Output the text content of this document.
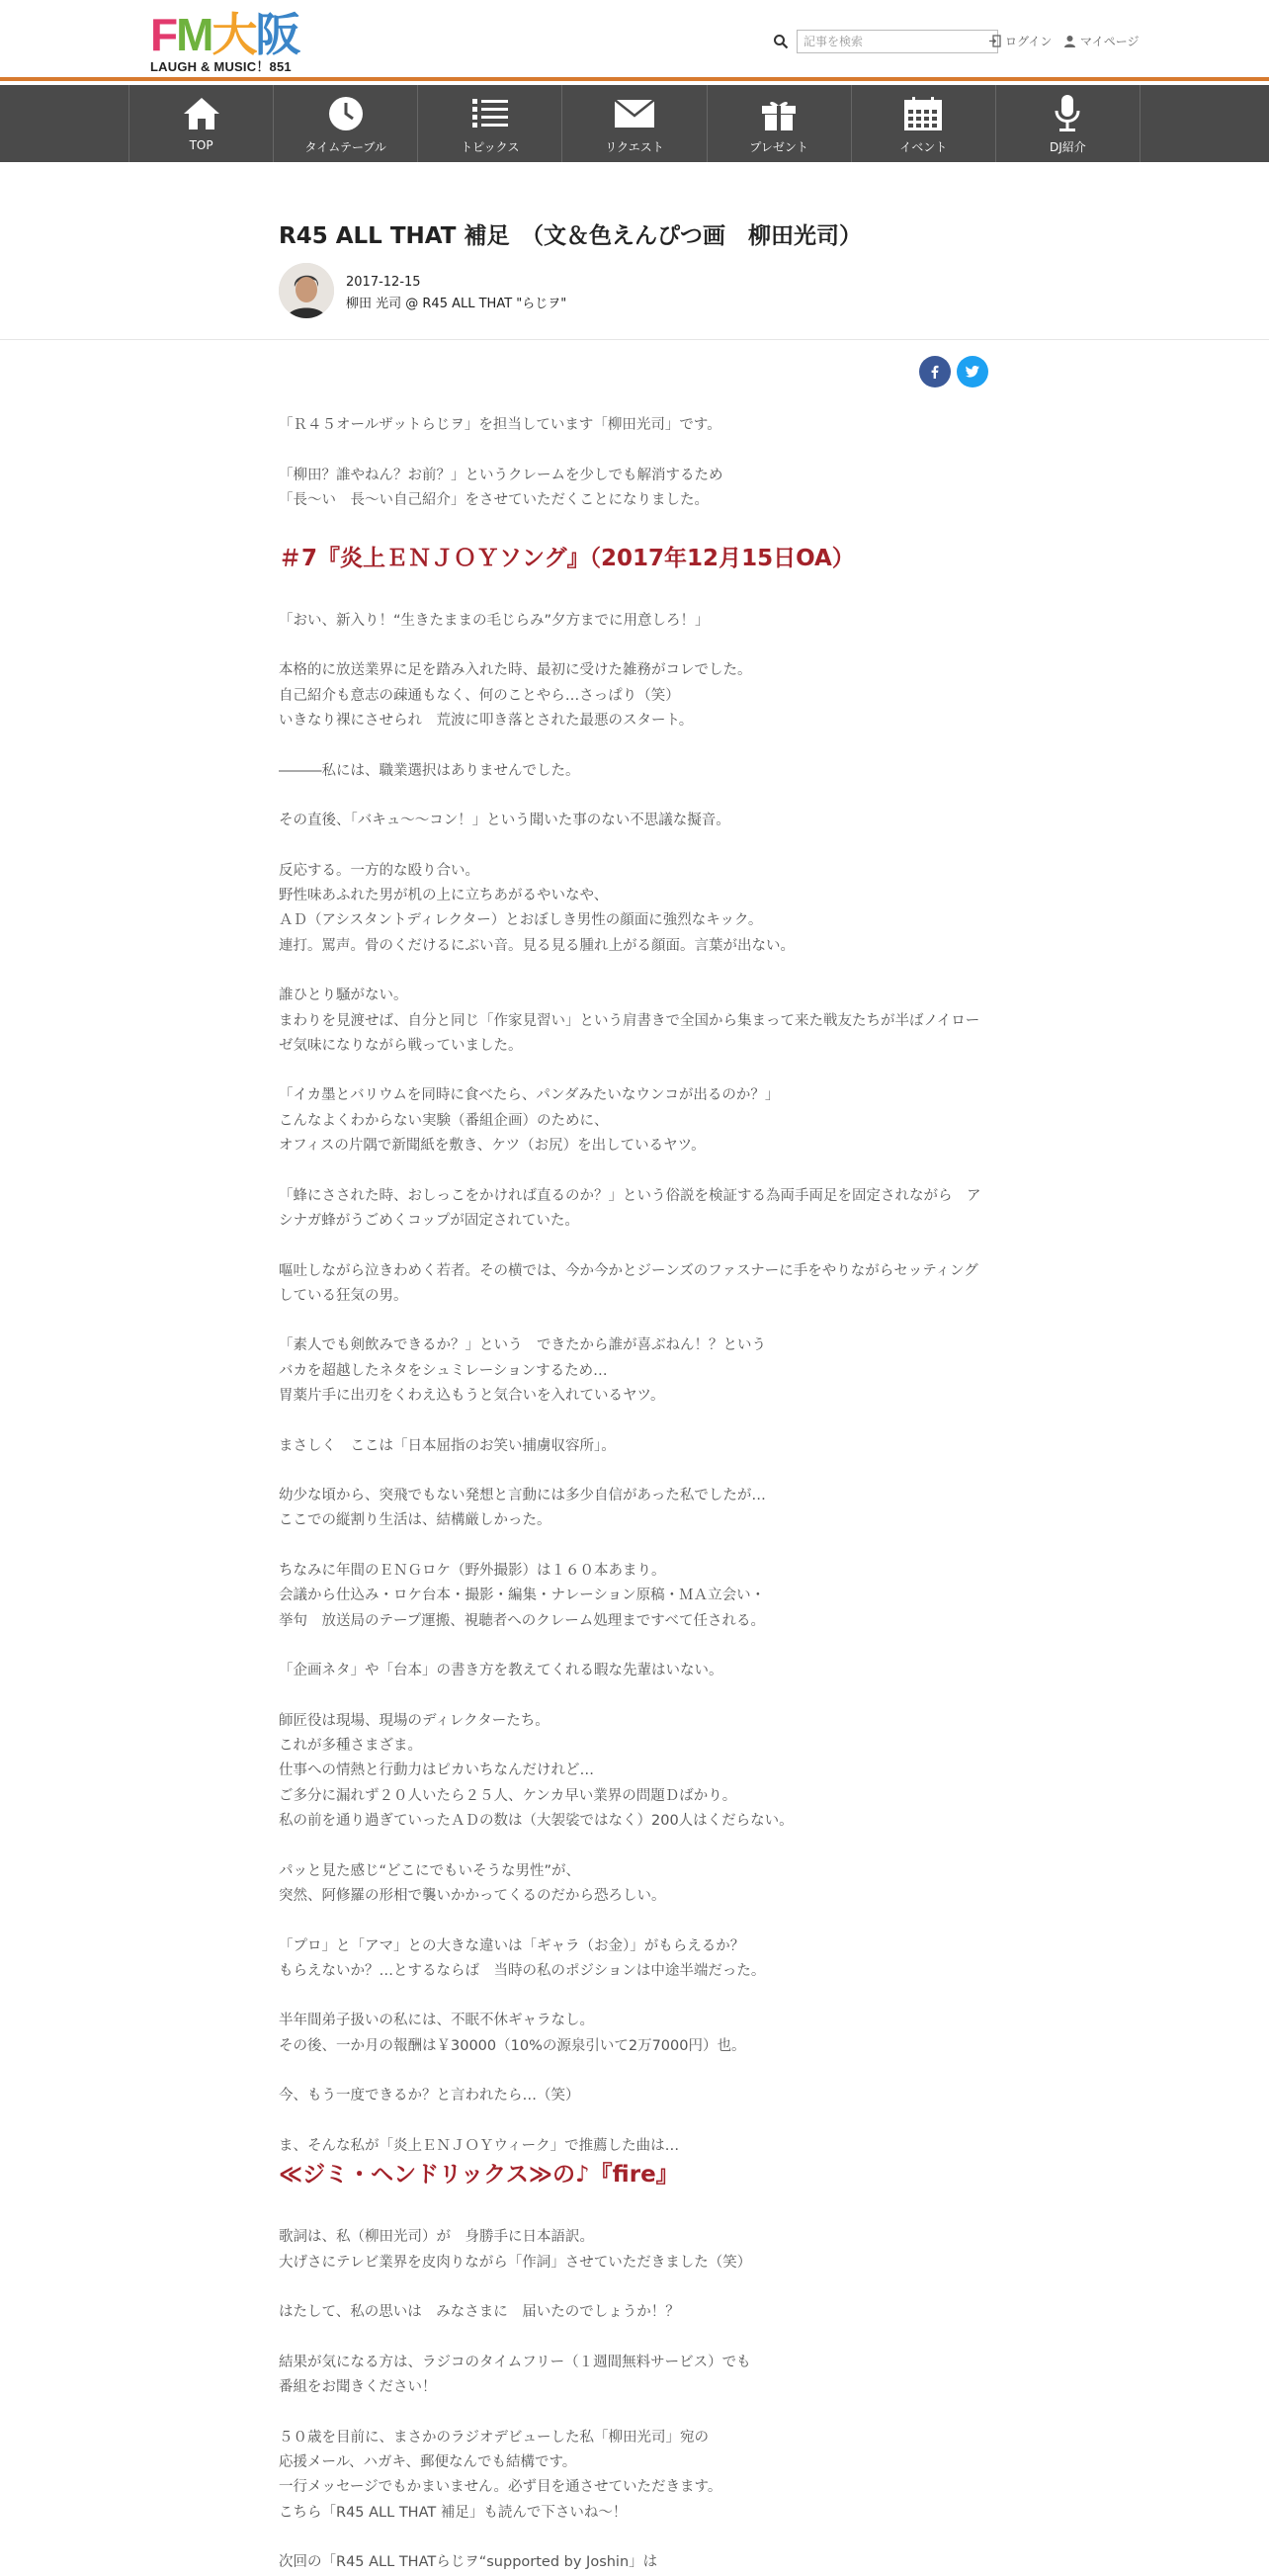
FM大阪
LAUGH & MUSIC！851
記事を検索
ログイン マイページ
TOP	タイムテーブル	トピックス	リクエスト	プレゼント	イベント	DJ紹介
R45 ALL THAT 補足　（文＆色えんぴつ画　柳田光司）
2017-12-15
柳田 光司 @ R45 ALL THAT "らじヲ"

「Ｒ４５オールザットらじヲ」を担当しています「柳田光司」です。

「柳田？誰やねん？お前？」というクレームを少しでも解消するため
「長～い　長～い自己紹介」をさせていただくことになりました。

＃7『炎上ＥＮＪＯＹソング』（2017年12月15日OA）

「おい、新入り！“生きたままの毛じらみ”夕方までに用意しろ！」

本格的に放送業界に足を踏み入れた時、最初に受けた雑務がコレでした。
自己紹介も意志の疎通もなく、何のことやら…さっぱり（笑）
いきなり裸にさせられ　荒波に叩き落とされた最悪のスタート。

―――私には、職業選択はありませんでした。

その直後、「バキュ〜〜コン！」という聞いた事のない不思議な擬音。

反応する。一方的な殴り合い。
野性味あふれた男が机の上に立ちあがるやいなや、
ＡＤ（アシスタントディレクター）とおぼしき男性の顔面に強烈なキック。
連打。罵声。骨のくだけるにぶい音。見る見る腫れ上がる顔面。言葉が出ない。

誰ひとり騒がない。
まわりを見渡せば、自分と同じ「作家見習い」という肩書きで全国から集まって来た戦友たちが半ばノイローゼ気味になりながら戦っていました。

「イカ墨とバリウムを同時に食べたら、パンダみたいなウンコが出るのか？」
こんなよくわからない実験（番組企画）のために、
オフィスの片隅で新聞紙を敷き、ケツ（お尻）を出しているヤツ。

「蜂にさされた時、おしっこをかければ直るのか？」という俗説を検証する為両手両足を固定されながら　アシナガ蜂がうごめくコップが固定されていた。

嘔吐しながら泣きわめく若者。その横では、今か今かとジーンズのファスナーに手をやりながらセッティングしている狂気の男。

「素人でも剣飲みできるか？」という　できたから誰が喜ぶねん！？という
バカを超越したネタをシュミレーションするため…
胃薬片手に出刃をくわえ込もうと気合いを入れているヤツ。

まさしく　ここは「日本屈指のお笑い捕虜収容所」。

幼少な頃から、突飛でもない発想と言動には多少自信があった私でしたが…
ここでの縦割り生活は、結構厳しかった。

ちなみに年間のＥＮＧロケ（野外撮影）は１６０本あまり。
会議から仕込み・ロケ台本・撮影・編集・ナレーション原稿・ＭＡ立会い・
挙句　放送局のテープ運搬、視聴者へのクレーム処理まですべて任される。

「企画ネタ」や「台本」の書き方を教えてくれる暇な先輩はいない。

師匠役は現場、現場のディレクターたち。
これが多種さまざま。
仕事への情熱と行動力はピカいちなんだけれど…
ご多分に漏れず２０人いたら２５人、ケンカ早い業界の問題Ｄばかり。
私の前を通り過ぎていったＡＤの数は（大袈裟ではなく）200人はくだらない。

パッと見た感じ“どこにでもいそうな男性”が、
突然、阿修羅の形相で襲いかかってくるのだから恐ろしい。

「プロ」と「アマ」との大きな違いは「ギャラ（お金）」がもらえるか？
もらえないか？…とするならば　当時の私のポジションは中途半端だった。

半年間弟子扱いの私には、不眠不休ギャラなし。
その後、一か月の報酬は￥30000（10%の源泉引いて2万7000円）也。

今、もう一度できるか？と言われたら…（笑）

ま、そんな私が「炎上ＥＮＪＯＹウィーク」で推薦した曲は…

≪ジミ・ヘンドリックス≫の♪『fire』

歌詞は、私（柳田光司）が　身勝手に日本語訳。
大げさにテレビ業界を皮肉りながら「作詞」させていただきました（笑）

はたして、私の思いは　みなさまに　届いたのでしょうか！？

結果が気になる方は、ラジコのタイムフリー（１週間無料サービス）でも
番組をお聞きください！

５０歳を目前に、まさかのラジオデビューした私「柳田光司」宛の
応援メール、ハガキ、郵便なんでも結構です。
一行メッセージでもかまいません。必ず目を通させていただきます。
こちら「R45 ALL THAT 補足」も読んで下さいね～！

次回の「R45 ALL THATらじヲ“supported by Joshin」は
